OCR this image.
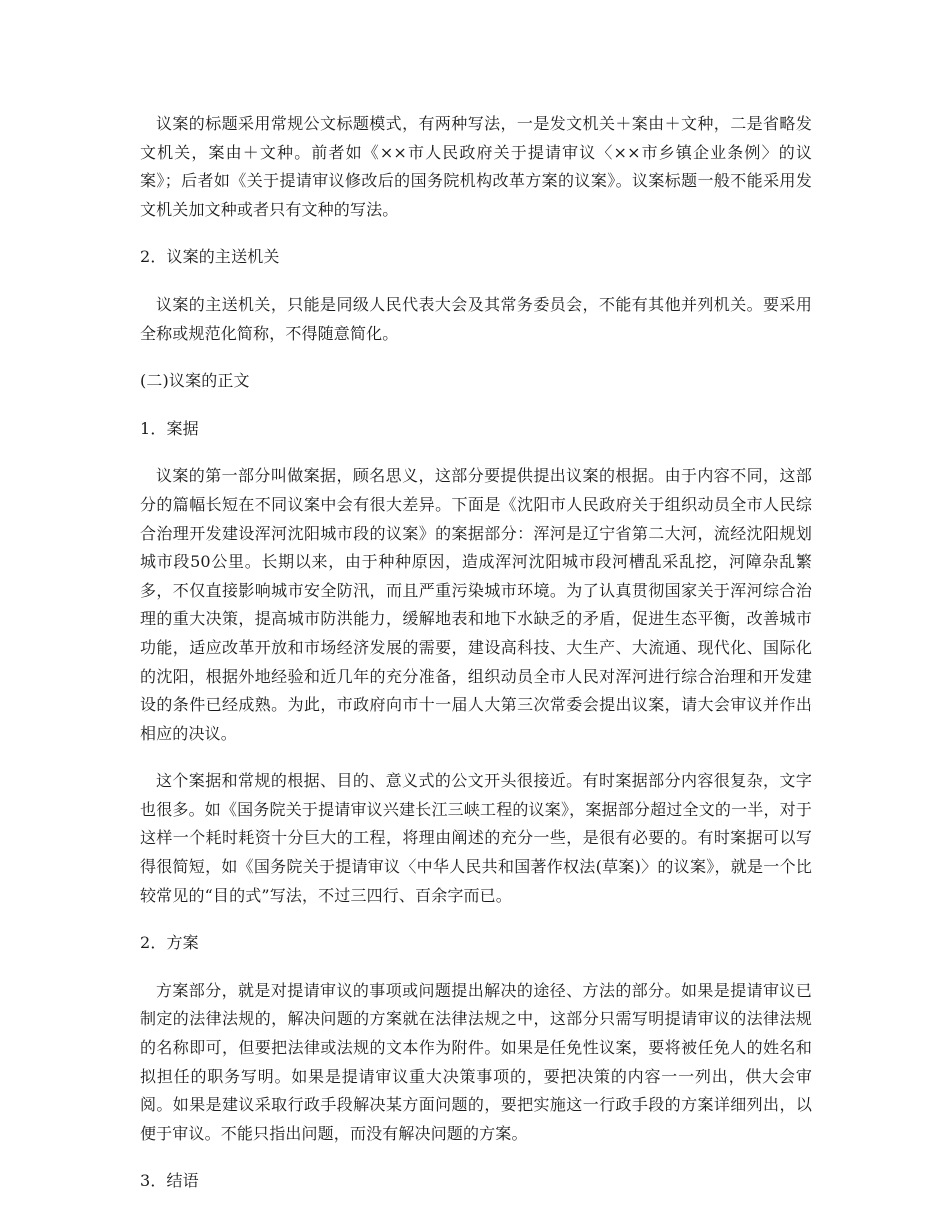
议案的标题采用常规公文标题模式，有两种写法，一是发文机关＋案由＋文种，二是省略发文机关，案由＋文种。前者如《××市人民政府关于提请审议〈××市乡镇企业条例〉的议案》；后者如《关于提请审议修改后的国务院机构改革方案的议案》。议案标题一般不能采用发文机关加文种或者只有文种的写法。

2．议案的主送机关

议案的主送机关，只能是同级人民代表大会及其常务委员会，不能有其他并列机关。要采用全称或规范化简称，不得随意简化。

(二)议案的正文

1．案据

议案的第一部分叫做案据，顾名思义，这部分要提供提出议案的根据。由于内容不同，这部分的篇幅长短在不同议案中会有很大差异。下面是《沈阳市人民政府关于组织动员全市人民综合治理开发建设浑河沈阳城市段的议案》的案据部分：浑河是辽宁省第二大河，流经沈阳规划城市段50公里。长期以来，由于种种原因，造成浑河沈阳城市段河槽乱采乱挖，河障杂乱繁多，不仅直接影响城市安全防汛，而且严重污染城市环境。为了认真贯彻国家关于浑河综合治理的重大决策，提高城市防洪能力，缓解地表和地下水缺乏的矛盾，促进生态平衡，改善城市功能，适应改革开放和市场经济发展的需要，建设高科技、大生产、大流通、现代化、国际化的沈阳，根据外地经验和近几年的充分准备，组织动员全市人民对浑河进行综合治理和开发建设的条件已经成熟。为此，市政府向市十一届人大第三次常委会提出议案，请大会审议并作出相应的决议。

这个案据和常规的根据、目的、意义式的公文开头很接近。有时案据部分内容很复杂，文字也很多。如《国务院关于提请审议兴建长江三峡工程的议案》，案据部分超过全文的一半，对于这样一个耗时耗资十分巨大的工程，将理由阐述的充分一些，是很有必要的。有时案据可以写得很简短，如《国务院关于提请审议〈中华人民共和国著作权法(草案)〉的议案》，就是一个比较常见的“目的式”写法，不过三四行、百余字而已。

2．方案

方案部分，就是对提请审议的事项或问题提出解决的途径、方法的部分。如果是提请审议已制定的法律法规的，解决问题的方案就在法律法规之中，这部分只需写明提请审议的法律法规的名称即可，但要把法律或法规的文本作为附件。如果是任免性议案，要将被任免人的姓名和拟担任的职务写明。如果是提请审议重大决策事项的，要把决策的内容一一列出，供大会审阅。如果是建议采取行政手段解决某方面问题的，要把实施这一行政手段的方案详细列出，以便于审议。不能只指出问题，而没有解决问题的方案。

3．结语
